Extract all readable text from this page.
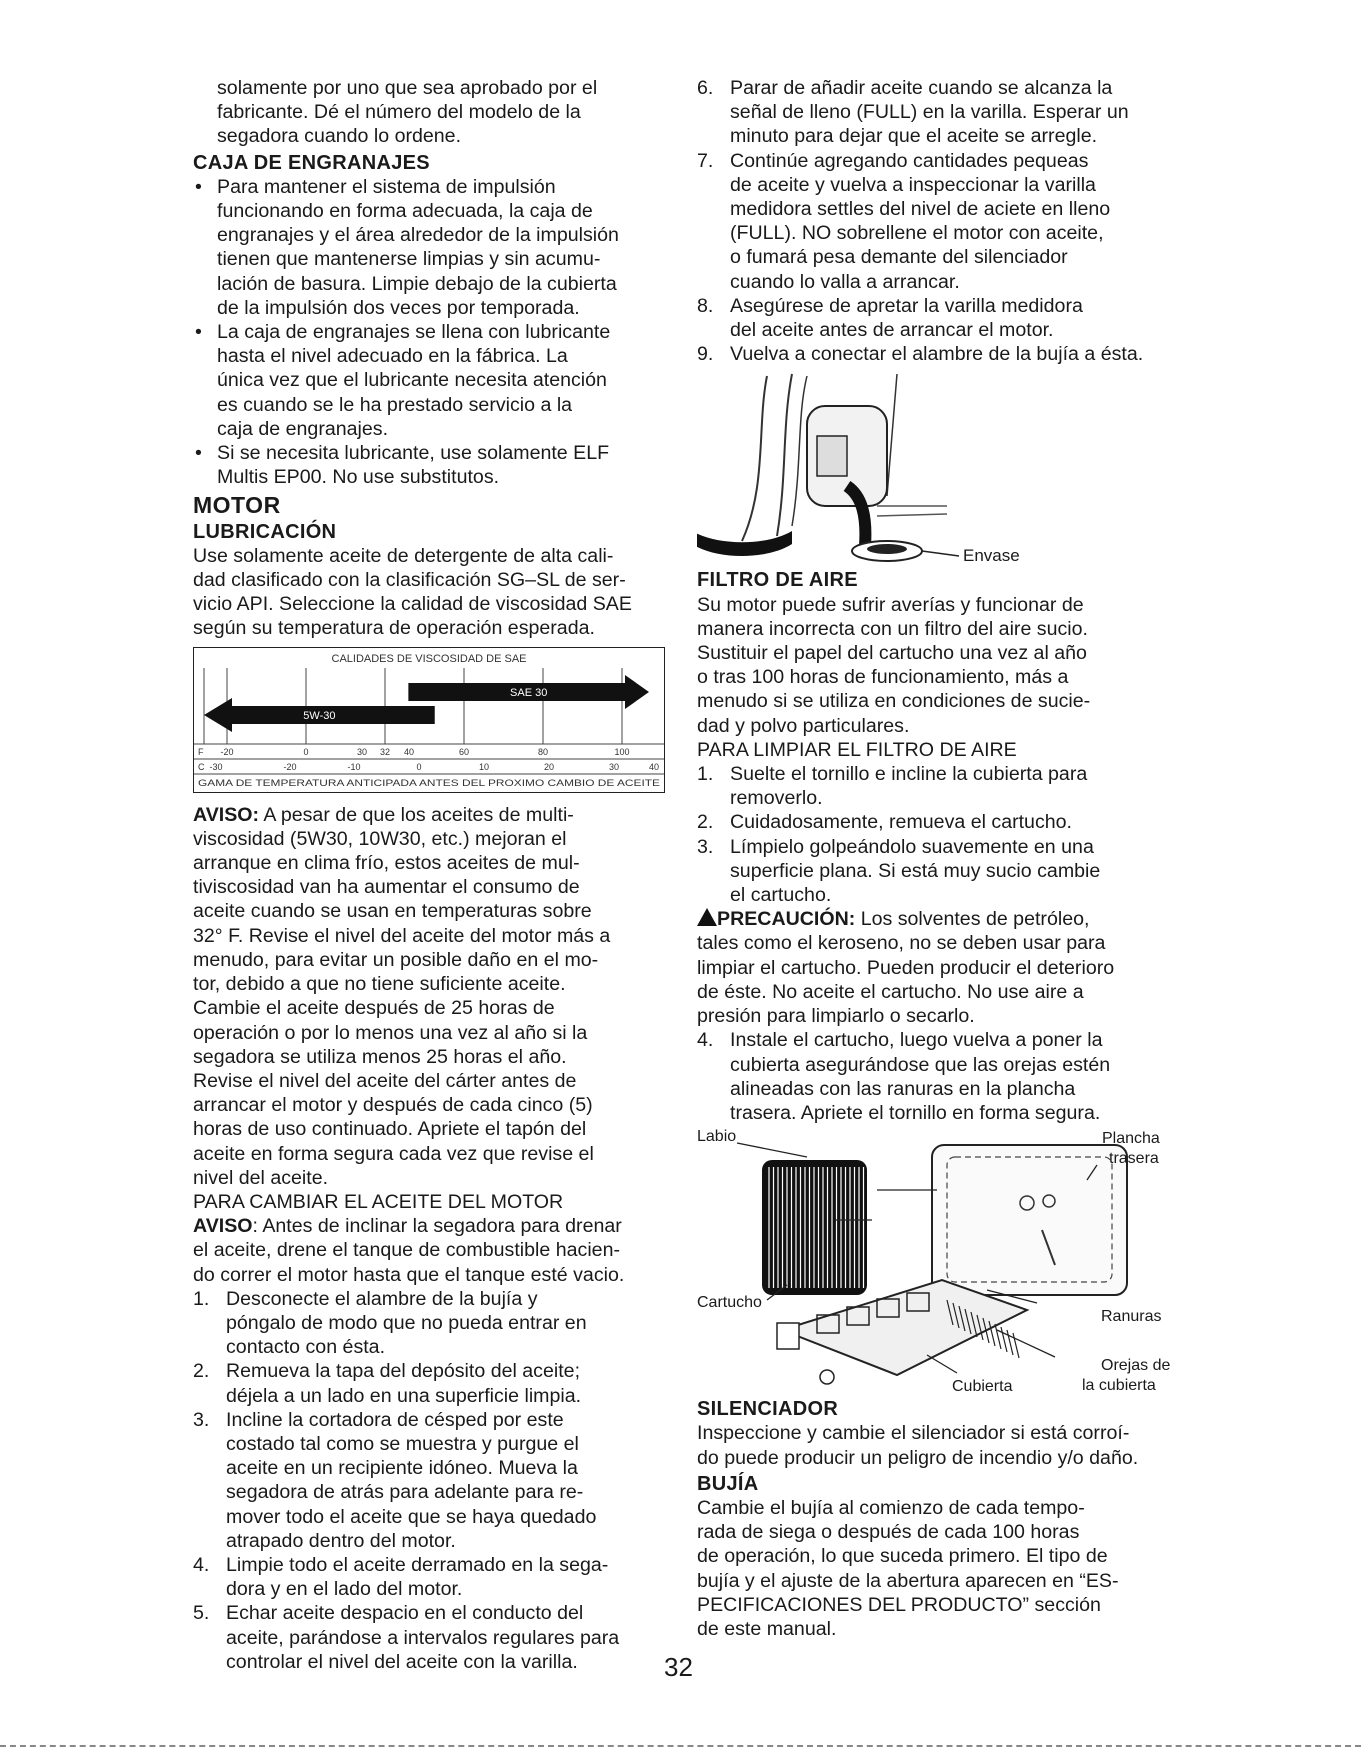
solamente por uno que sea aprobado por el
fabricante. Dé el número del modelo de la
segadora cuando lo ordene.
CAJA DE ENGRANAJES
• Para mantener el sistema de impulsión
funcionando en forma adecuada, la caja de
engranajes y el área alrededor de la impulsión
tienen que mantenerse limpias y sin acumu-
lación de basura. Limpie debajo de la cubierta
de la impulsión dos veces por temporada.
• La caja de engranajes se llena con lubricante
hasta el nivel adecuado en la fábrica. La
única vez que el lubricante necesita atención
es cuando se le ha prestado servicio a la
caja de engranajes.
• Si se necesita lubricante, use solamente ELF
Multis EP00. No use substitutos.
MOTOR
LUBRICACIÓN
Use solamente aceite de detergente de alta cali-
dad clasificado con la clasificación SG–SL de ser-
vicio API. Seleccione la calidad de viscosidad SAE
según su temperatura de operación esperada.
CALIDADES DE VISCOSIDAD DE SAE
5W-30
SAE 30
F -20	0	30 32 40	60	80	100
C -30	-20	-10	0	10	20	30	40
GAMA DE TEMPERATURA ANTICIPADA ANTES DEL PROXIMO CAMBIO DE ACEITE
AVISO: A pesar de que los aceites de multi-
viscosidad (5W30, 10W30, etc.) mejoran el
arranque en clima frío, estos aceites de mul-
tiviscosidad van ha aumentar el consumo de
aceite cuando se usan en temperaturas sobre
32° F. Revise el nivel del aceite del motor más a
menudo, para evitar un posible daño en el mo-
tor, debido a que no tiene suficiente aceite.
Cambie el aceite después de 25 horas de
operación o por lo menos una vez al año si la
segadora se utiliza menos 25 horas el año.
Revise el nivel del aceite del cárter antes de
arrancar el motor y después de cada cinco (5)
horas de uso continuado. Apriete el tapón del
aceite en forma segura cada vez que revise el
nivel del aceite.
PARA CAMBIAR EL ACEITE DEL MOTOR
AVISO: Antes de inclinar la segadora para drenar
el aceite, drene el tanque de combustible hacien-
do correr el motor hasta que el tanque esté vacio.
1. Desconecte el alambre de la bujía y
póngalo de modo que no pueda entrar en
contacto con ésta.
2. Remueva la tapa del depósito del aceite;
déjela a un lado en una superficie limpia.
3. Incline la cortadora de césped por este
costado tal como se muestra y purgue el
aceite en un recipiente idóneo. Mueva la
segadora de atrás para adelante para re-
mover todo el aceite que se haya quedado
atrapado dentro del motor.
4. Limpie todo el aceite derramado en la sega-
dora y en el lado del motor.
5. Echar aceite despacio en el conducto del
aceite, parándose a intervalos regulares para
controlar el nivel del aceite con la varilla.
6. Parar de añadir aceite cuando se alcanza la
señal de lleno (FULL) en la varilla. Esperar un
minuto para dejar que el aceite se arregle.
7. Continúe agregando cantidades pequeas
de aceite y vuelva a inspeccionar la varilla
medidora settles del nivel de aciete en lleno
(FULL). NO sobrellene el motor con aceite,
o fumará pesa demante del silenciador
cuando lo valla a arrancar.
8. Asegúrese de apretar la varilla medidora
del aceite antes de arrancar el motor.
9. Vuelva a conectar el alambre de la bujía a ésta.
Envase
FILTRO DE AIRE
Su motor puede sufrir averías y funcionar de
manera incorrecta con un filtro del aire sucio.
Sustituir el papel del cartucho una vez al año
o tras 100 horas de funcionamiento, más a
menudo si se utiliza en condiciones de sucie-
dad y polvo particulares.
PARA LIMPIAR EL FILTRO DE AIRE
1. Suelte el tornillo e incline la cubierta para
removerlo.
2. Cuidadosamente, remueva el cartucho.
3. Límpielo golpeándolo suavemente en una
superficie plana. Si está muy sucio cambie
el cartucho.
PRECAUCIÓN: Los solventes de petróleo,
tales como el keroseno, no se deben usar para
limpiar el cartucho. Pueden producir el deterioro
de éste. No aceite el cartucho. No use aire a
presión para limpiarlo o secarlo.
4. Instale el cartucho, luego vuelva a poner la
cubierta asegurándose que las orejas estén
alineadas con las ranuras en la plancha
trasera. Apriete el tornillo en forma segura.
Labio	Plancha
trasera
Cartucho
Ranuras
Orejas de
la cubierta
Cubierta
SILENCIADOR
Inspeccione y cambie el silenciador si está corroí-
do puede producir un peligro de incendio y/o daño.
BUJÍA
Cambie el bujía al comienzo de cada tempo-
rada de siega o después de cada 100 horas
de operación, lo que suceda primero. El tipo de
bujía y el ajuste de la abertura aparecen en “ES-
PECIFICACIONES DEL PRODUCTO” sección
de este manual.
32
